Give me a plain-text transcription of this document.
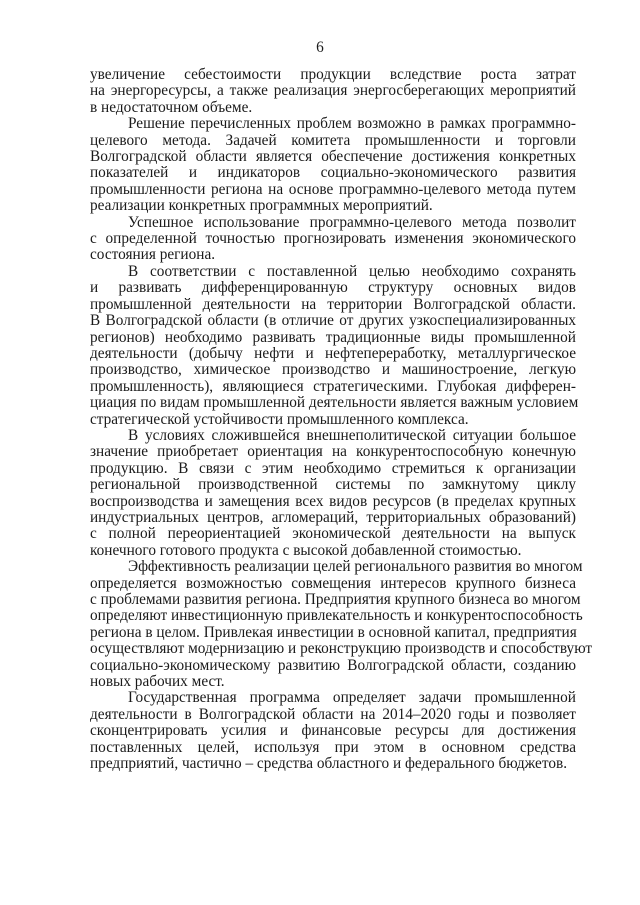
6
увеличение себестоимости продукции вследствие роста затрат
на энергоресурсы, а также реализация энергосберегающих мероприятий
в недостаточном объеме.
Решение перечисленных проблем возможно в рамках программно-
целевого метода. Задачей комитета промышленности и торговли
Волгоградской области является обеспечение достижения конкретных
показателей и индикаторов социально-экономического развития
промышленности региона на основе программно-целевого метода путем
реализации конкретных программных мероприятий.
Успешное использование программно-целевого метода позволит
с определенной точностью прогнозировать изменения экономического
состояния региона.
В соответствии с поставленной целью необходимо сохранять
и развивать дифференцированную структуру основных видов
промышленной деятельности на территории Волгоградской области.
В Волгоградской области (в отличие от других узкоспециализированных
регионов) необходимо развивать традиционные виды промышленной
деятельности (добычу нефти и нефтепереработку, металлургическое
производство, химическое производство и машиностроение, легкую
промышленность), являющиеся стратегическими. Глубокая дифферен-
циация по видам промышленной деятельности является важным условием
стратегической устойчивости промышленного комплекса.
В условиях сложившейся внешнеполитической ситуации большое
значение приобретает ориентация на конкурентоспособную конечную
продукцию. В связи с этим необходимо стремиться к организации
региональной производственной системы по замкнутому циклу
воспроизводства и замещения всех видов ресурсов (в пределах крупных
индустриальных центров, агломераций, территориальных образований)
с полной переориентацией экономической деятельности на выпуск
конечного готового продукта с высокой добавленной стоимостью.
Эффективность реализации целей регионального развития во многом
определяется возможностью совмещения интересов крупного бизнеса
с проблемами развития региона. Предприятия крупного бизнеса во многом
определяют инвестиционную привлекательность и конкурентоспособность
региона в целом. Привлекая инвестиции в основной капитал, предприятия
осуществляют модернизацию и реконструкцию производств и способствуют
социально-экономическому развитию Волгоградской области, созданию
новых рабочих мест.
Государственная программа определяет задачи промышленной
деятельности в Волгоградской области на 2014–2020 годы и позволяет
сконцентрировать усилия и финансовые ресурсы для достижения
поставленных целей, используя при этом в основном средства
предприятий, частично – средства областного и федерального бюджетов.
